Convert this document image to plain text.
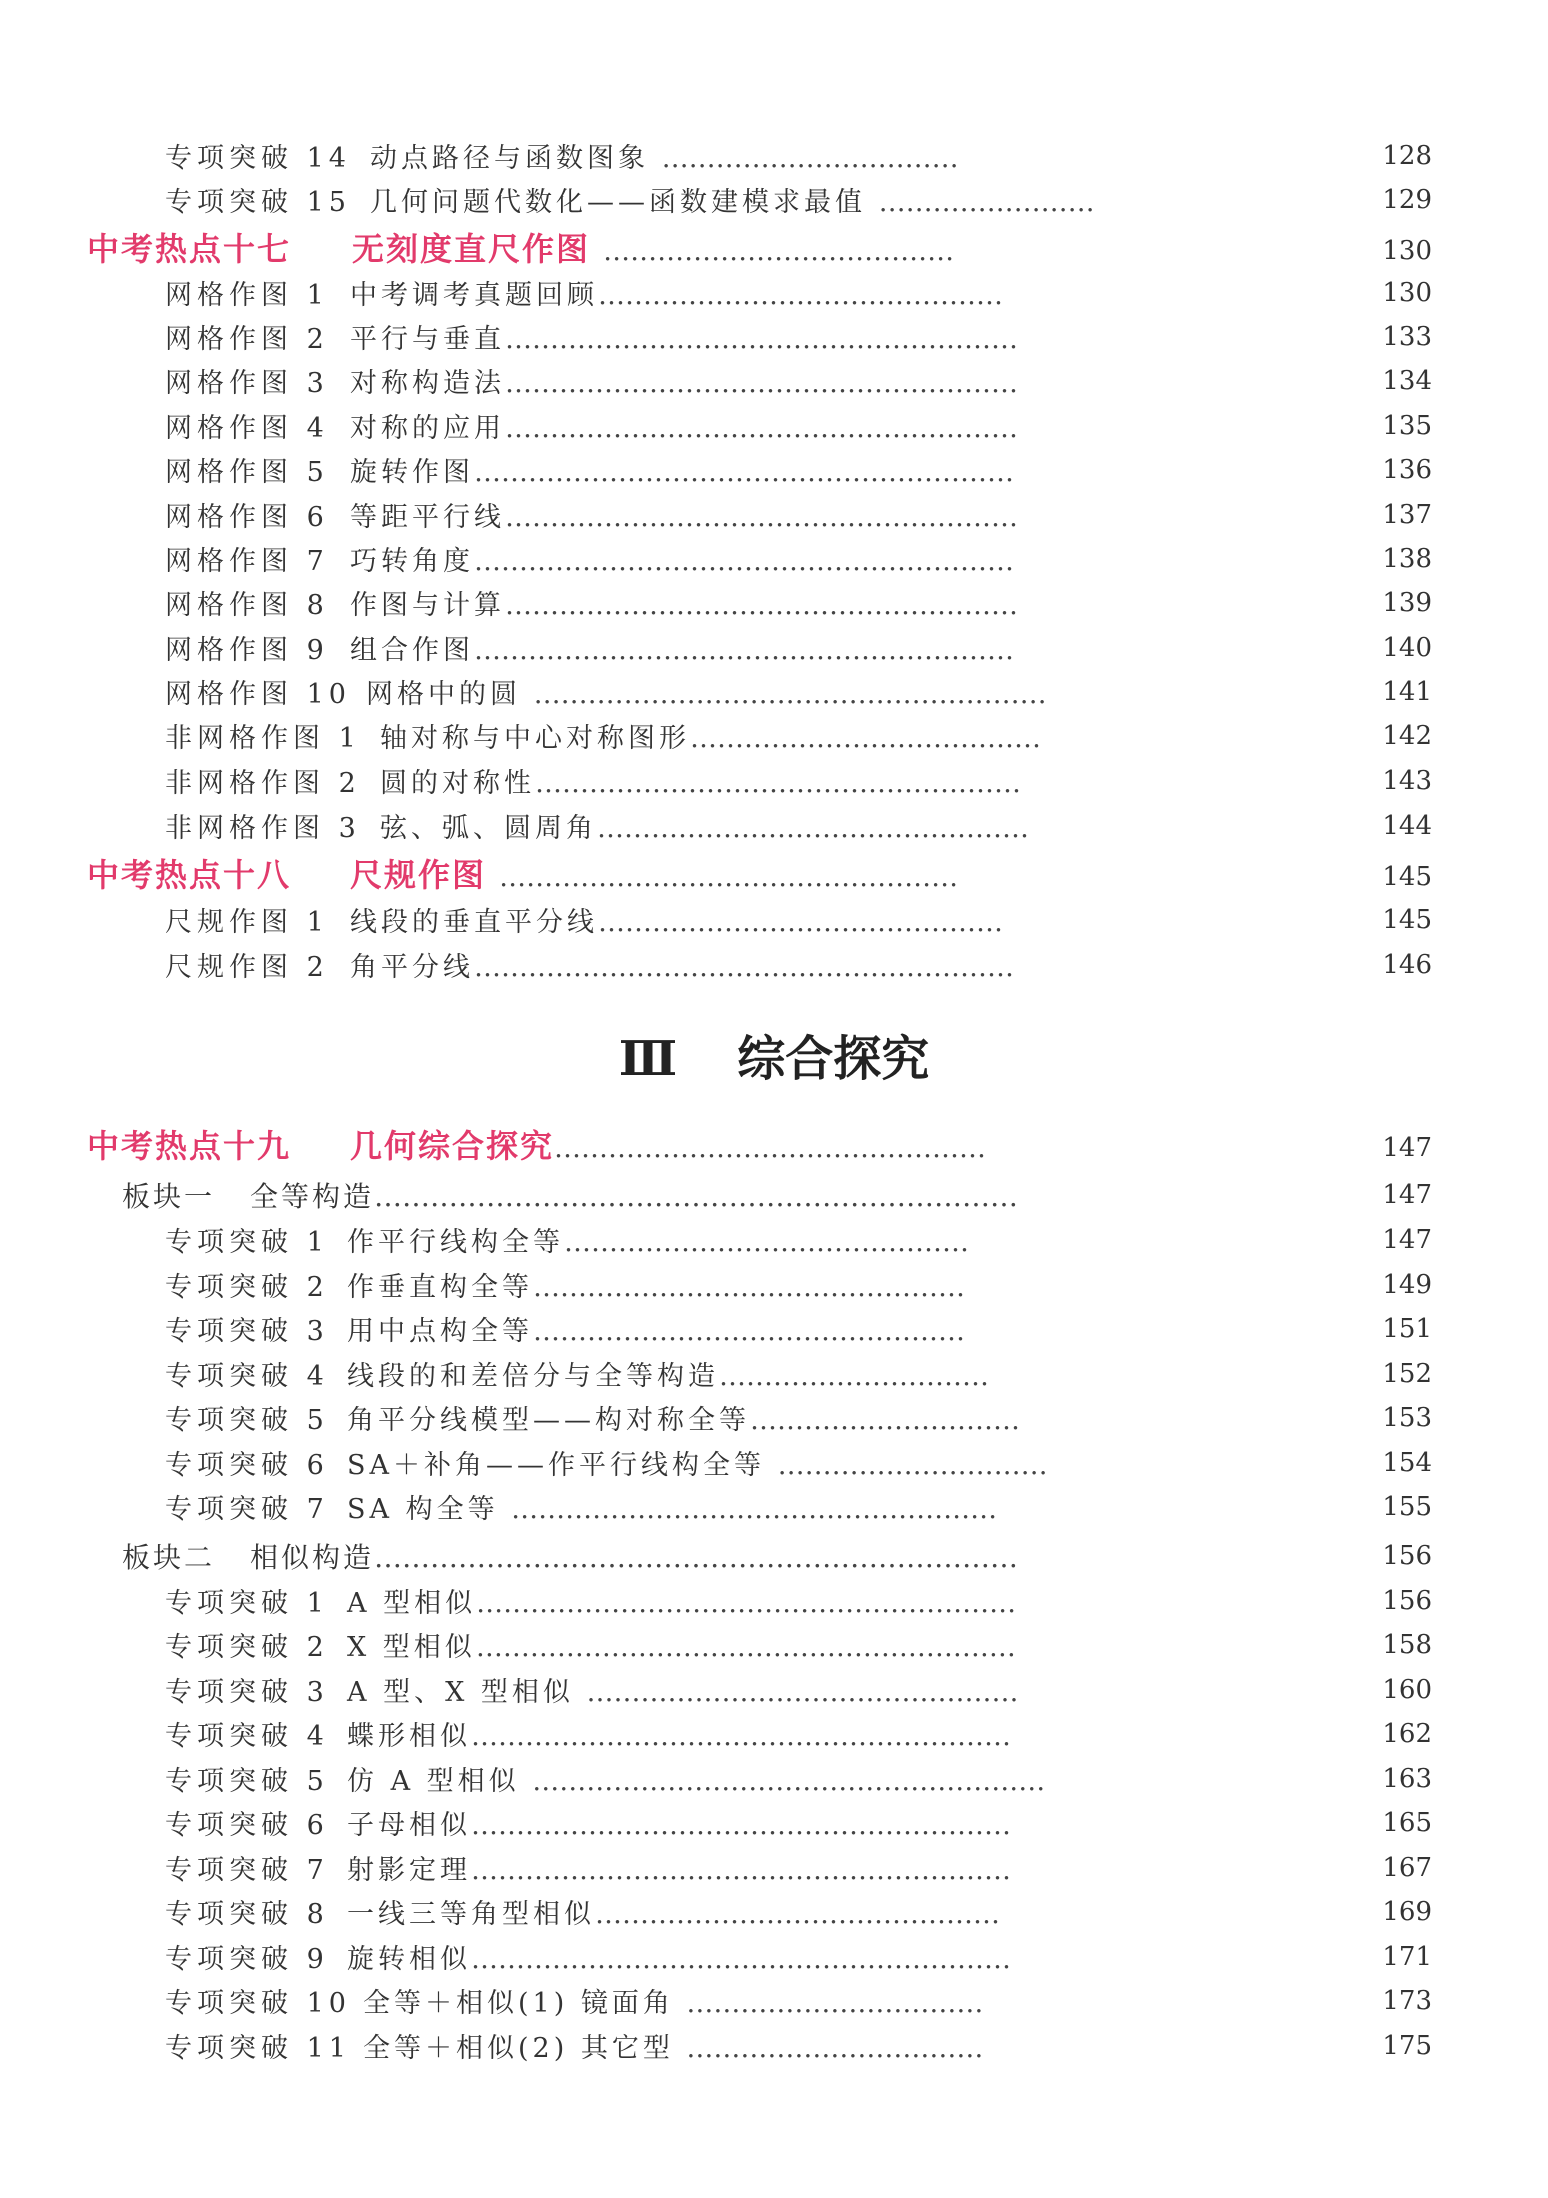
专项突破 14 动点路径与函数图象 ……………………………	128
专项突破 15 几何问题代数化——函数建模求最值 ……………………	129
中考热点十七 无刻度直尺作图 …………………………………	130
网格作图 1 中考调考真题回顾………………………………………	130
网格作图 2 平行与垂直…………………………………………………	133
网格作图 3 对称构造法…………………………………………………	134
网格作图 4 对称的应用…………………………………………………	135
网格作图 5 旋转作图……………………………………………………	136
网格作图 6 等距平行线…………………………………………………	137
网格作图 7 巧转角度……………………………………………………	138
网格作图 8 作图与计算…………………………………………………	139
网格作图 9 组合作图……………………………………………………	140
网格作图 10 网格中的圆 …………………………………………………	141
非网格作图 1 轴对称与中心对称图形…………………………………	142
非网格作图 2 圆的对称性………………………………………………	143
非网格作图 3 弦、弧、圆周角…………………………………………	144
中考热点十八 尺规作图 ……………………………………………	145
尺规作图 1 线段的垂直平分线………………………………………	145
尺规作图 2 角平分线……………………………………………………	146
Ⅲ 综合探究
中考热点十九 几何综合探究…………………………………………	147
板块一 全等构造……………………………………………………………	147
专项突破 1 作平行线构全等………………………………………	147
专项突破 2 作垂直构全等…………………………………………	149
专项突破 3 用中点构全等…………………………………………	151
专项突破 4 线段的和差倍分与全等构造…………………………	152
专项突破 5 角平分线模型——构对称全等…………………………	153
专项突破 6 SA＋补角——作平行线构全等 …………………………	154
专项突破 7 SA 构全等 ………………………………………………	155
板块二 相似构造……………………………………………………………	156
专项突破 1 A 型相似……………………………………………………	156
专项突破 2 X 型相似……………………………………………………	158
专项突破 3 A 型、X 型相似 …………………………………………	160
专项突破 4 蝶形相似……………………………………………………	162
专项突破 5 仿 A 型相似 …………………………………………………	163
专项突破 6 子母相似……………………………………………………	165
专项突破 7 射影定理……………………………………………………	167
专项突破 8 一线三等角型相似………………………………………	169
专项突破 9 旋转相似……………………………………………………	171
专项突破 10 全等＋相似(1) 镜面角 ……………………………	173
专项突破 11 全等＋相似(2) 其它型 ……………………………	175
